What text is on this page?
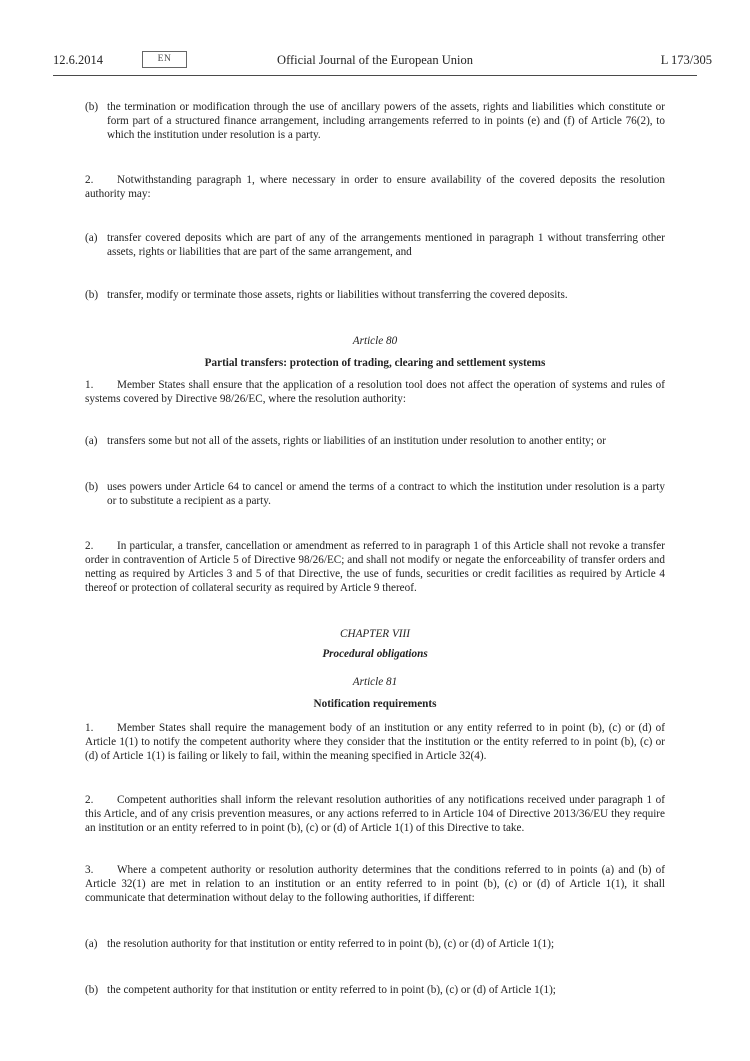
12.6.2014	EN	Official Journal of the European Union	L 173/305
(b) the termination or modification through the use of ancillary powers of the assets, rights and liabilities which constitute or form part of a structured finance arrangement, including arrangements referred to in points (e) and (f) of Article 76(2), to which the institution under resolution is a party.

2. Notwithstanding paragraph 1, where necessary in order to ensure availability of the covered deposits the resolution authority may:

(a) transfer covered deposits which are part of any of the arrangements mentioned in paragraph 1 without transferring other assets, rights or liabilities that are part of the same arrangement, and
(b) transfer, modify or terminate those assets, rights or liabilities without transferring the covered deposits.
Article 80
Partial transfers: protection of trading, clearing and settlement systems

1. Member States shall ensure that the application of a resolution tool does not affect the operation of systems and rules of systems covered by Directive 98/26/EC, where the resolution authority:

(a) transfers some but not all of the assets, rights or liabilities of an institution under resolution to another entity; or
(b) uses powers under Article 64 to cancel or amend the terms of a contract to which the institution under resolution is a party or to substitute a recipient as a party.

2. In particular, a transfer, cancellation or amendment as referred to in paragraph 1 of this Article shall not revoke a transfer order in contravention of Article 5 of Directive 98/26/EC; and shall not modify or negate the enforceability of transfer orders and netting as required by Articles 3 and 5 of that Directive, the use of funds, securities or credit facilities as required by Article 4 thereof or protection of collateral security as required by Article 9 thereof.

CHAPTER VIII
Procedural obligations
Article 81
Notification requirements

1. Member States shall require the management body of an institution or any entity referred to in point (b), (c) or (d) of Article 1(1) to notify the competent authority where they consider that the institution or the entity referred to in point (b), (c) or (d) of Article 1(1) is failing or likely to fail, within the meaning specified in Article 32(4).

2. Competent authorities shall inform the relevant resolution authorities of any notifications received under paragraph 1 of this Article, and of any crisis prevention measures, or any actions referred to in Article 104 of Directive 2013/36/EU they require an institution or an entity referred to in point (b), (c) or (d) of Article 1(1) of this Directive to take.

3. Where a competent authority or resolution authority determines that the conditions referred to in points (a) and (b) of Article 32(1) are met in relation to an institution or an entity referred to in point (b), (c) or (d) of Article 1(1), it shall communicate that determination without delay to the following authorities, if different:

(a) the resolution authority for that institution or entity referred to in point (b), (c) or (d) of Article 1(1);
(b) the competent authority for that institution or entity referred to in point (b), (c) or (d) of Article 1(1);
